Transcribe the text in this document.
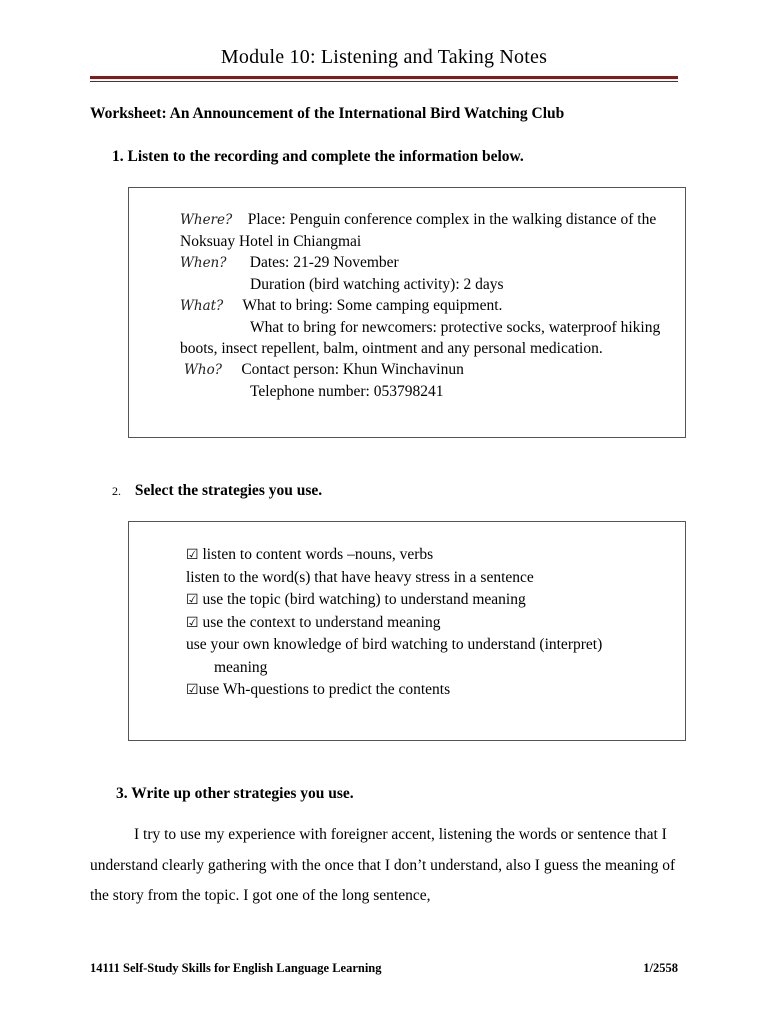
Module 10: Listening and Taking Notes
Worksheet: An Announcement of the International Bird Watching Club
1. Listen to the recording and complete the information below.
Where? Place: Penguin conference complex in the walking distance of the Noksuay Hotel in Chiangmai
When? Dates: 21-29 November
Duration (bird watching activity): 2 days
What? What to bring: Some camping equipment.
What to bring for newcomers: protective socks, waterproof hiking boots, insect repellent, balm, ointment and any personal medication.
Who? Contact person: Khun Winchavinun
Telephone number: 053798241
2. Select the strategies you use.
☑ listen to content words –nouns, verbs
listen to the word(s) that have heavy stress in a sentence
☑ use the topic (bird watching) to understand meaning
☑ use the context to understand meaning
use your own knowledge of bird watching to understand (interpret)
meaning
☑use Wh-questions to predict the contents
3. Write up other strategies you use.
I try to use my experience with foreigner accent, listening the words or sentence that I understand clearly gathering with the once that I don’t understand, also I guess the meaning of the story from the topic. I got one of the long sentence,
14111 Self-Study Skills for English Language Learning	1/2558
